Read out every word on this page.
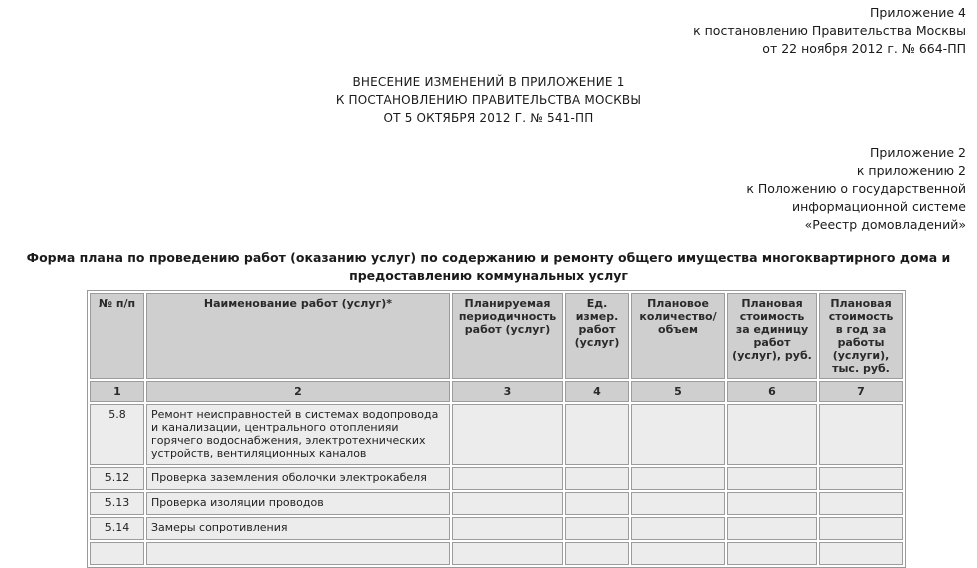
Приложение 4
к постановлению Правительства Москвы
от 22 ноября 2012 г. № 664-ПП
ВНЕСЕНИЕ ИЗМЕНЕНИЙ В ПРИЛОЖЕНИЕ 1
К ПОСТАНОВЛЕНИЮ ПРАВИТЕЛЬСТВА МОСКВЫ
ОТ 5 ОКТЯБРЯ 2012 Г. № 541-ПП
Приложение 2
к приложению 2
к Положению о государственной
информационной системе
«Реестр домовладений»
Форма плана по проведению работ (оказанию услуг) по содержанию и ремонту общего имущества многоквартирного дома и
предоставлению коммунальных услуг
№ п/п	Наименование работ (услуг)*	Планируемая периодичность работ (услуг)	Ед. измер. работ (услуг)	Плановое количество/ объем	Плановая стоимость за единицу работ (услуг), руб.	Плановая стоимость в год за работы (услуги), тыс. руб.
1	2	3	4	5	6	7
5.8	Ремонт неисправностей в системах водопровода и канализации, центрального отопленияи горячего водоснабжения, электротехнических устройств, вентиляционных каналов					
5.12	Проверка заземления оболочки электрокабеля					
5.13	Проверка изоляции проводов					
5.14	Замеры сопротивления					
